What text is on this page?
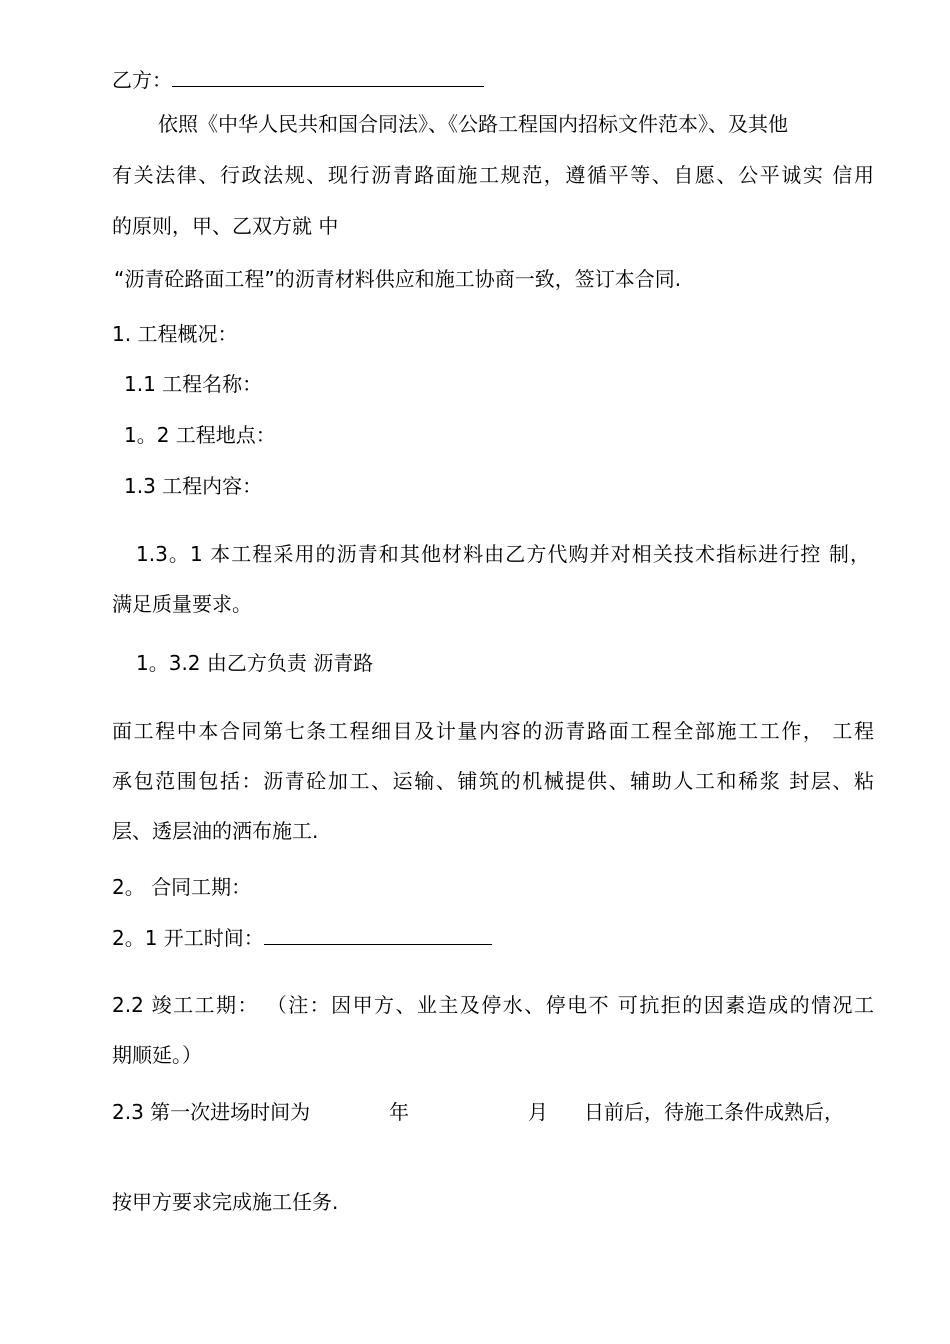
乙方：
依照《中华人民共和国合同法》、《公路工程国内招标文件范本》、及其他
有关法律、行政法规、现行沥青路面施工规范，遵循平等、自愿、公平诚实 信用
的原则，甲、乙双方就 中
“沥青砼路面工程”的沥青材料供应和施工协商一致，签订本合同.
1. 工程概况：
1.1 工程名称：
1。2 工程地点：
1.3 工程内容：
1.3。1 本工程采用的沥青和其他材料由乙方代购并对相关技术指标进行控 制，
满足质量要求。
1。3.2 由乙方负责 沥青路
面工程中本合同第七条工程细目及计量内容的沥青路面工程全部施工工作， 工程
承包范围包括：沥青砼加工、运输、铺筑的机械提供、辅助人工和稀浆 封层、粘
层、透层油的洒布施工.
2。 合同工期：
2。1 开工时间：
2.2 竣工工期： （注：因甲方、业主及停水、停电不 可抗拒的因素造成的情况工
期顺延。）
2.3 第一次进场时间为	年	月 日前后，待施工条件成熟后，
按甲方要求完成施工任务.
